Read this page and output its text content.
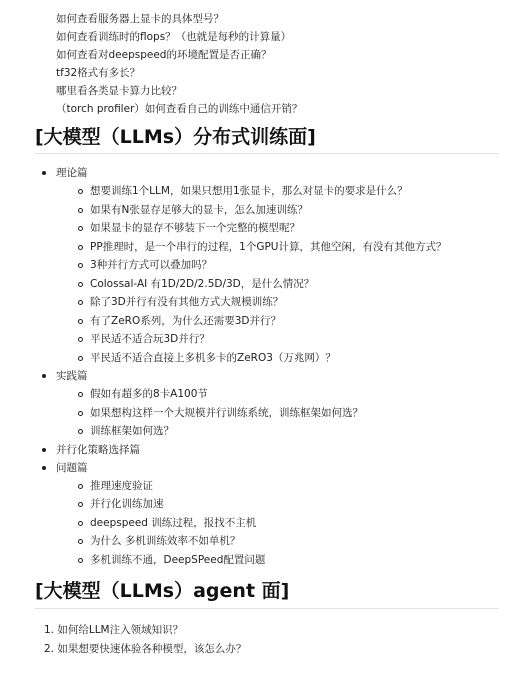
如何查看服务器上显卡的具体型号？
如何查看训练时的flops？（也就是每秒的计算量）
如何查看对deepspeed的环境配置是否正确？
tf32格式有多长？
哪里看各类显卡算力比较？
（torch profiler）如何查看自己的训练中通信开销？
[大模型（LLMs）分布式训练面]
理论篇
想要训练1个LLM，如果只想用1张显卡，那么对显卡的要求是什么？
如果有N张显存足够大的显卡，怎么加速训练？
如果显卡的显存不够装下一个完整的模型呢？
PP推理时，是一个串行的过程，1个GPU计算，其他空闲，有没有其他方式？
3种并行方式可以叠加吗？
Colossal-AI 有1D/2D/2.5D/3D，是什么情况？
除了3D并行有没有其他方式大规模训练？
有了ZeRO系列，为什么还需要3D并行？
平民适不适合玩3D并行？
平民适不适合直接上多机多卡的ZeRO3（万兆网）？
实践篇
假如有超多的8卡A100节
如果想构这样一个大规模并行训练系统，训练框架如何选？
训练框架如何选？
并行化策略选择篇
问题篇
推理速度验证
并行化训练加速
deepspeed 训练过程，报找不主机
为什么 多机训练效率不如单机？
多机训练不通，DeepSPeed配置问题
[大模型（LLMs）agent 面]
1. 如何给LLM注入领域知识？
2. 如果想要快速体验各种模型，该怎么办？
